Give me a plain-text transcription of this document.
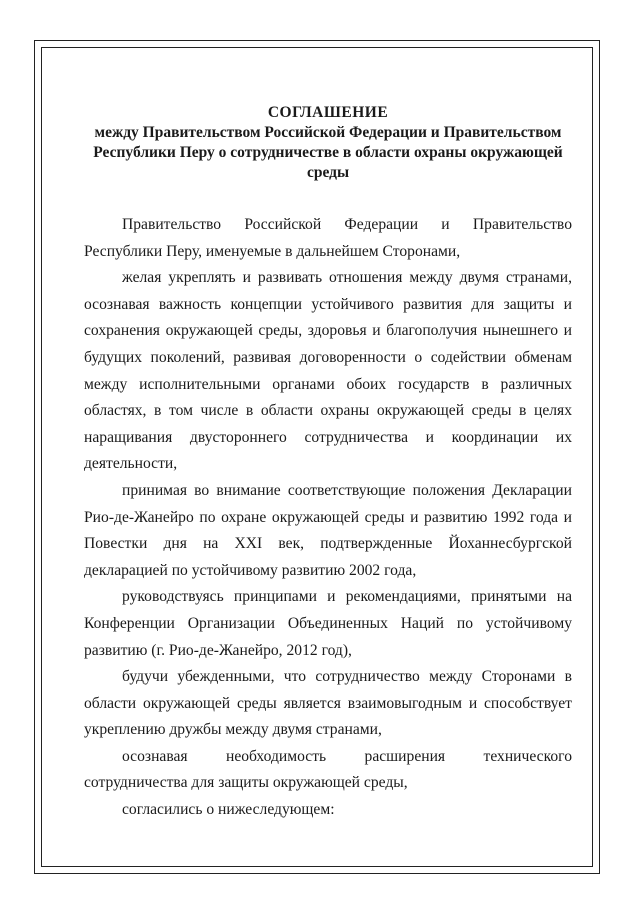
СОГЛАШЕНИЕ
между Правительством Российской Федерации и Правительством Республики Перу о сотрудничестве в области охраны окружающей среды

Правительство Российской Федерации и Правительство Республики Перу, именуемые в дальнейшем Сторонами,

желая укреплять и развивать отношения между двумя странами, осознавая важность концепции устойчивого развития для защиты и сохранения окружающей среды, здоровья и благополучия нынешнего и будущих поколений, развивая договоренности о содействии обменам между исполнительными органами обоих государств в различных областях, в том числе в области охраны окружающей среды в целях наращивания двустороннего сотрудничества и координации их деятельности,

принимая во внимание соответствующие положения Декларации Рио-де-Жанейро по охране окружающей среды и развитию 1992 года и Повестки дня на XXI век, подтвержденные Йоханнесбургской декларацией по устойчивому развитию 2002 года,

руководствуясь принципами и рекомендациями, принятыми на Конференции Организации Объединенных Наций по устойчивому развитию (г. Рио-де-Жанейро, 2012 год),

будучи убежденными, что сотрудничество между Сторонами в области окружающей среды является взаимовыгодным и способствует укреплению дружбы между двумя странами,

осознавая необходимость расширения технического сотрудничества для защиты окружающей среды,

согласились о нижеследующем:
